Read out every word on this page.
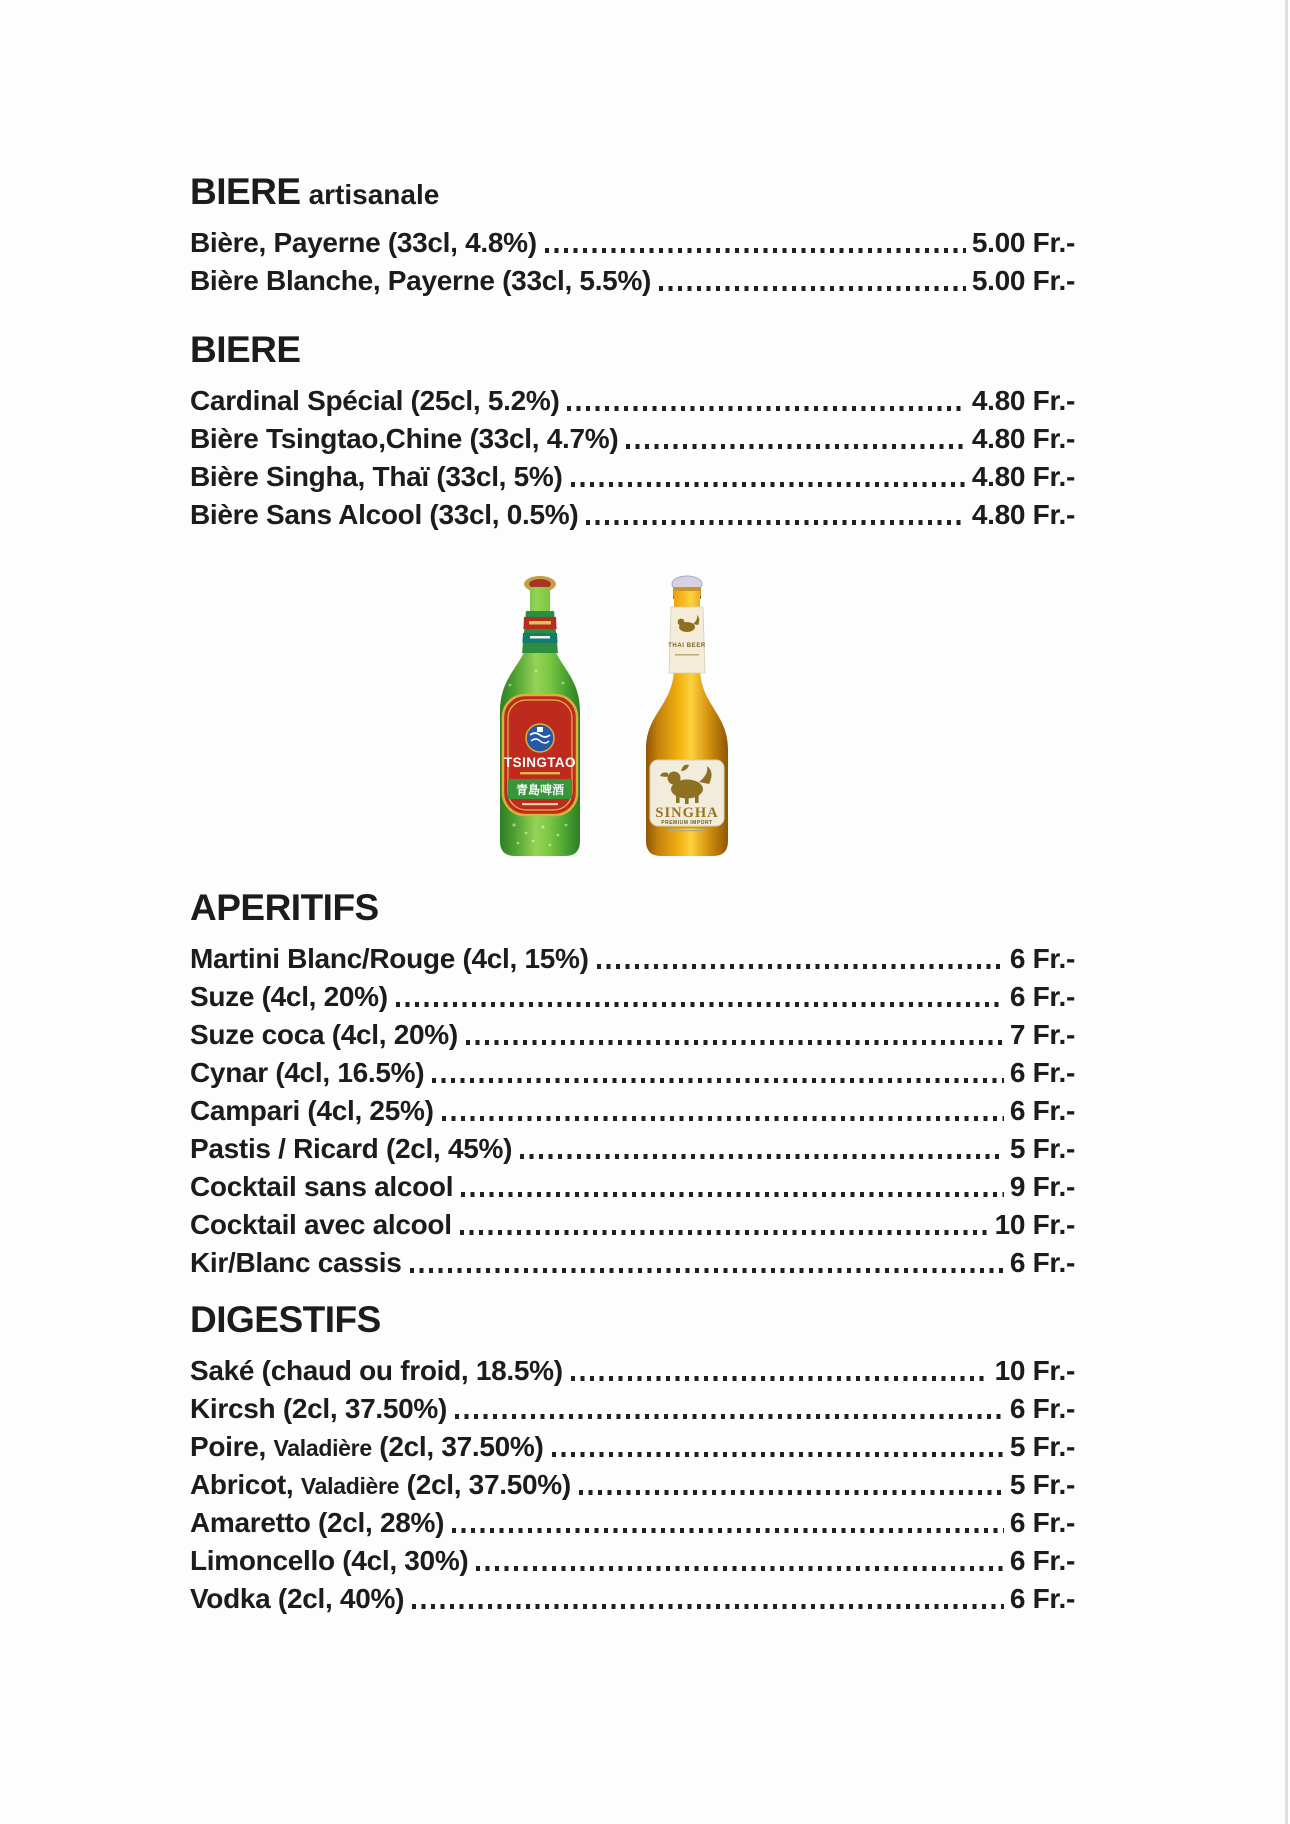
BIERE artisanale
Bière, Payerne (33cl, 4.8%)	5.00 Fr.-
Bière Blanche, Payerne (33cl, 5.5%)	5.00 Fr.-
BIERE
Cardinal Spécial (25cl, 5.2%)	4.80 Fr.-
Bière Tsingtao,Chine (33cl, 4.7%)	4.80 Fr.-
Bière Singha, Thaï (33cl, 5%)	4.80 Fr.-
Bière Sans Alcool (33cl, 0.5%)	4.80 Fr.-
TSINGTAO
青島啤酒
THAI BEER
SINGHA
PREMIUM IMPORT
APERITIFS
Martini Blanc/Rouge (4cl, 15%)	6 Fr.-
Suze (4cl, 20%)	6 Fr.-
Suze coca (4cl, 20%)	7 Fr.-
Cynar (4cl, 16.5%)	6 Fr.-
Campari (4cl, 25%)	6 Fr.-
Pastis / Ricard (2cl, 45%)	5 Fr.-
Cocktail sans alcool	9 Fr.-
Cocktail avec alcool	10 Fr.-
Kir/Blanc cassis	6 Fr.-
DIGESTIFS
Saké (chaud ou froid, 18.5%)	10 Fr.-
Kircsh (2cl, 37.50%)	6 Fr.-
Poire, Valadière (2cl, 37.50%)	5 Fr.-
Abricot, Valadière (2cl, 37.50%)	5 Fr.-
Amaretto (2cl, 28%)	6 Fr.-
Limoncello (4cl, 30%)	6 Fr.-
Vodka (2cl, 40%)	6 Fr.-
